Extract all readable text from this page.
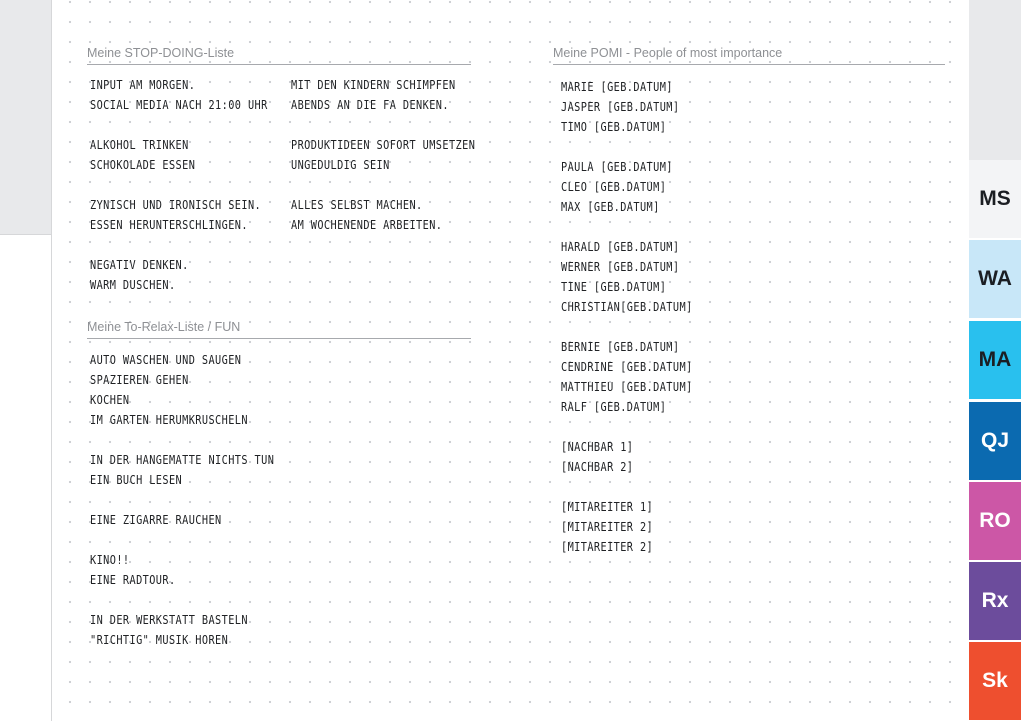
Meine STOP-DOING-Liste
INPUT AM MORGEN.
SOCIAL MEDIA NACH 21:00 UHR
ALKOHOL TRINKEN
SCHOKOLADE ESSEN
ZYNISCH UND IRONISCH SEIN.
ESSEN HERUNTERSCHLINGEN.
NEGATIV DENKEN.
WARM DUSCHEN.
MIT DEN KINDERN SCHIMPFEN
ABENDS AN DIE FA DENKEN.
PRODUKTIDEEN SOFORT UMSETZEN
UNGEDULDIG SEIN
ALLES SELBST MACHEN.
AM WOCHENENDE ARBEITEN.
Meine To-Relax-Liste / FUN
AUTO WASCHEN UND SAUGEN
SPAZIEREN GEHEN
KOCHEN
IM GARTEN HERUMKRUSCHELN
IN DER HANGEMATTE NICHTS TUN
EIN BUCH LESEN
EINE ZIGARRE RAUCHEN
KINO!!
EINE RADTOUR.
IN DER WERKSTATT BASTELN
"RICHTIG" MUSIK HOREN
Meine POMI - People of most importance
MARIE [GEB.DATUM]
JASPER [GEB.DATUM]
TIMO [GEB.DATUM]
PAULA [GEB.DATUM]
CLEO [GEB.DATUM]
MAX [GEB.DATUM]
HARALD [GEB.DATUM]
WERNER [GEB.DATUM]
TINE [GEB.DATUM]
CHRISTIAN[GEB.DATUM]
BERNIE [GEB.DATUM]
CENDRINE [GEB.DATUM]
MATTHIEU [GEB.DATUM]
RALF [GEB.DATUM]
[NACHBAR 1]
[NACHBAR 2]
[MITAREITER 1]
[MITAREITER 2]
[MITAREITER 2]
MS
WA
MA
QJ
RO
Rx
Sk
